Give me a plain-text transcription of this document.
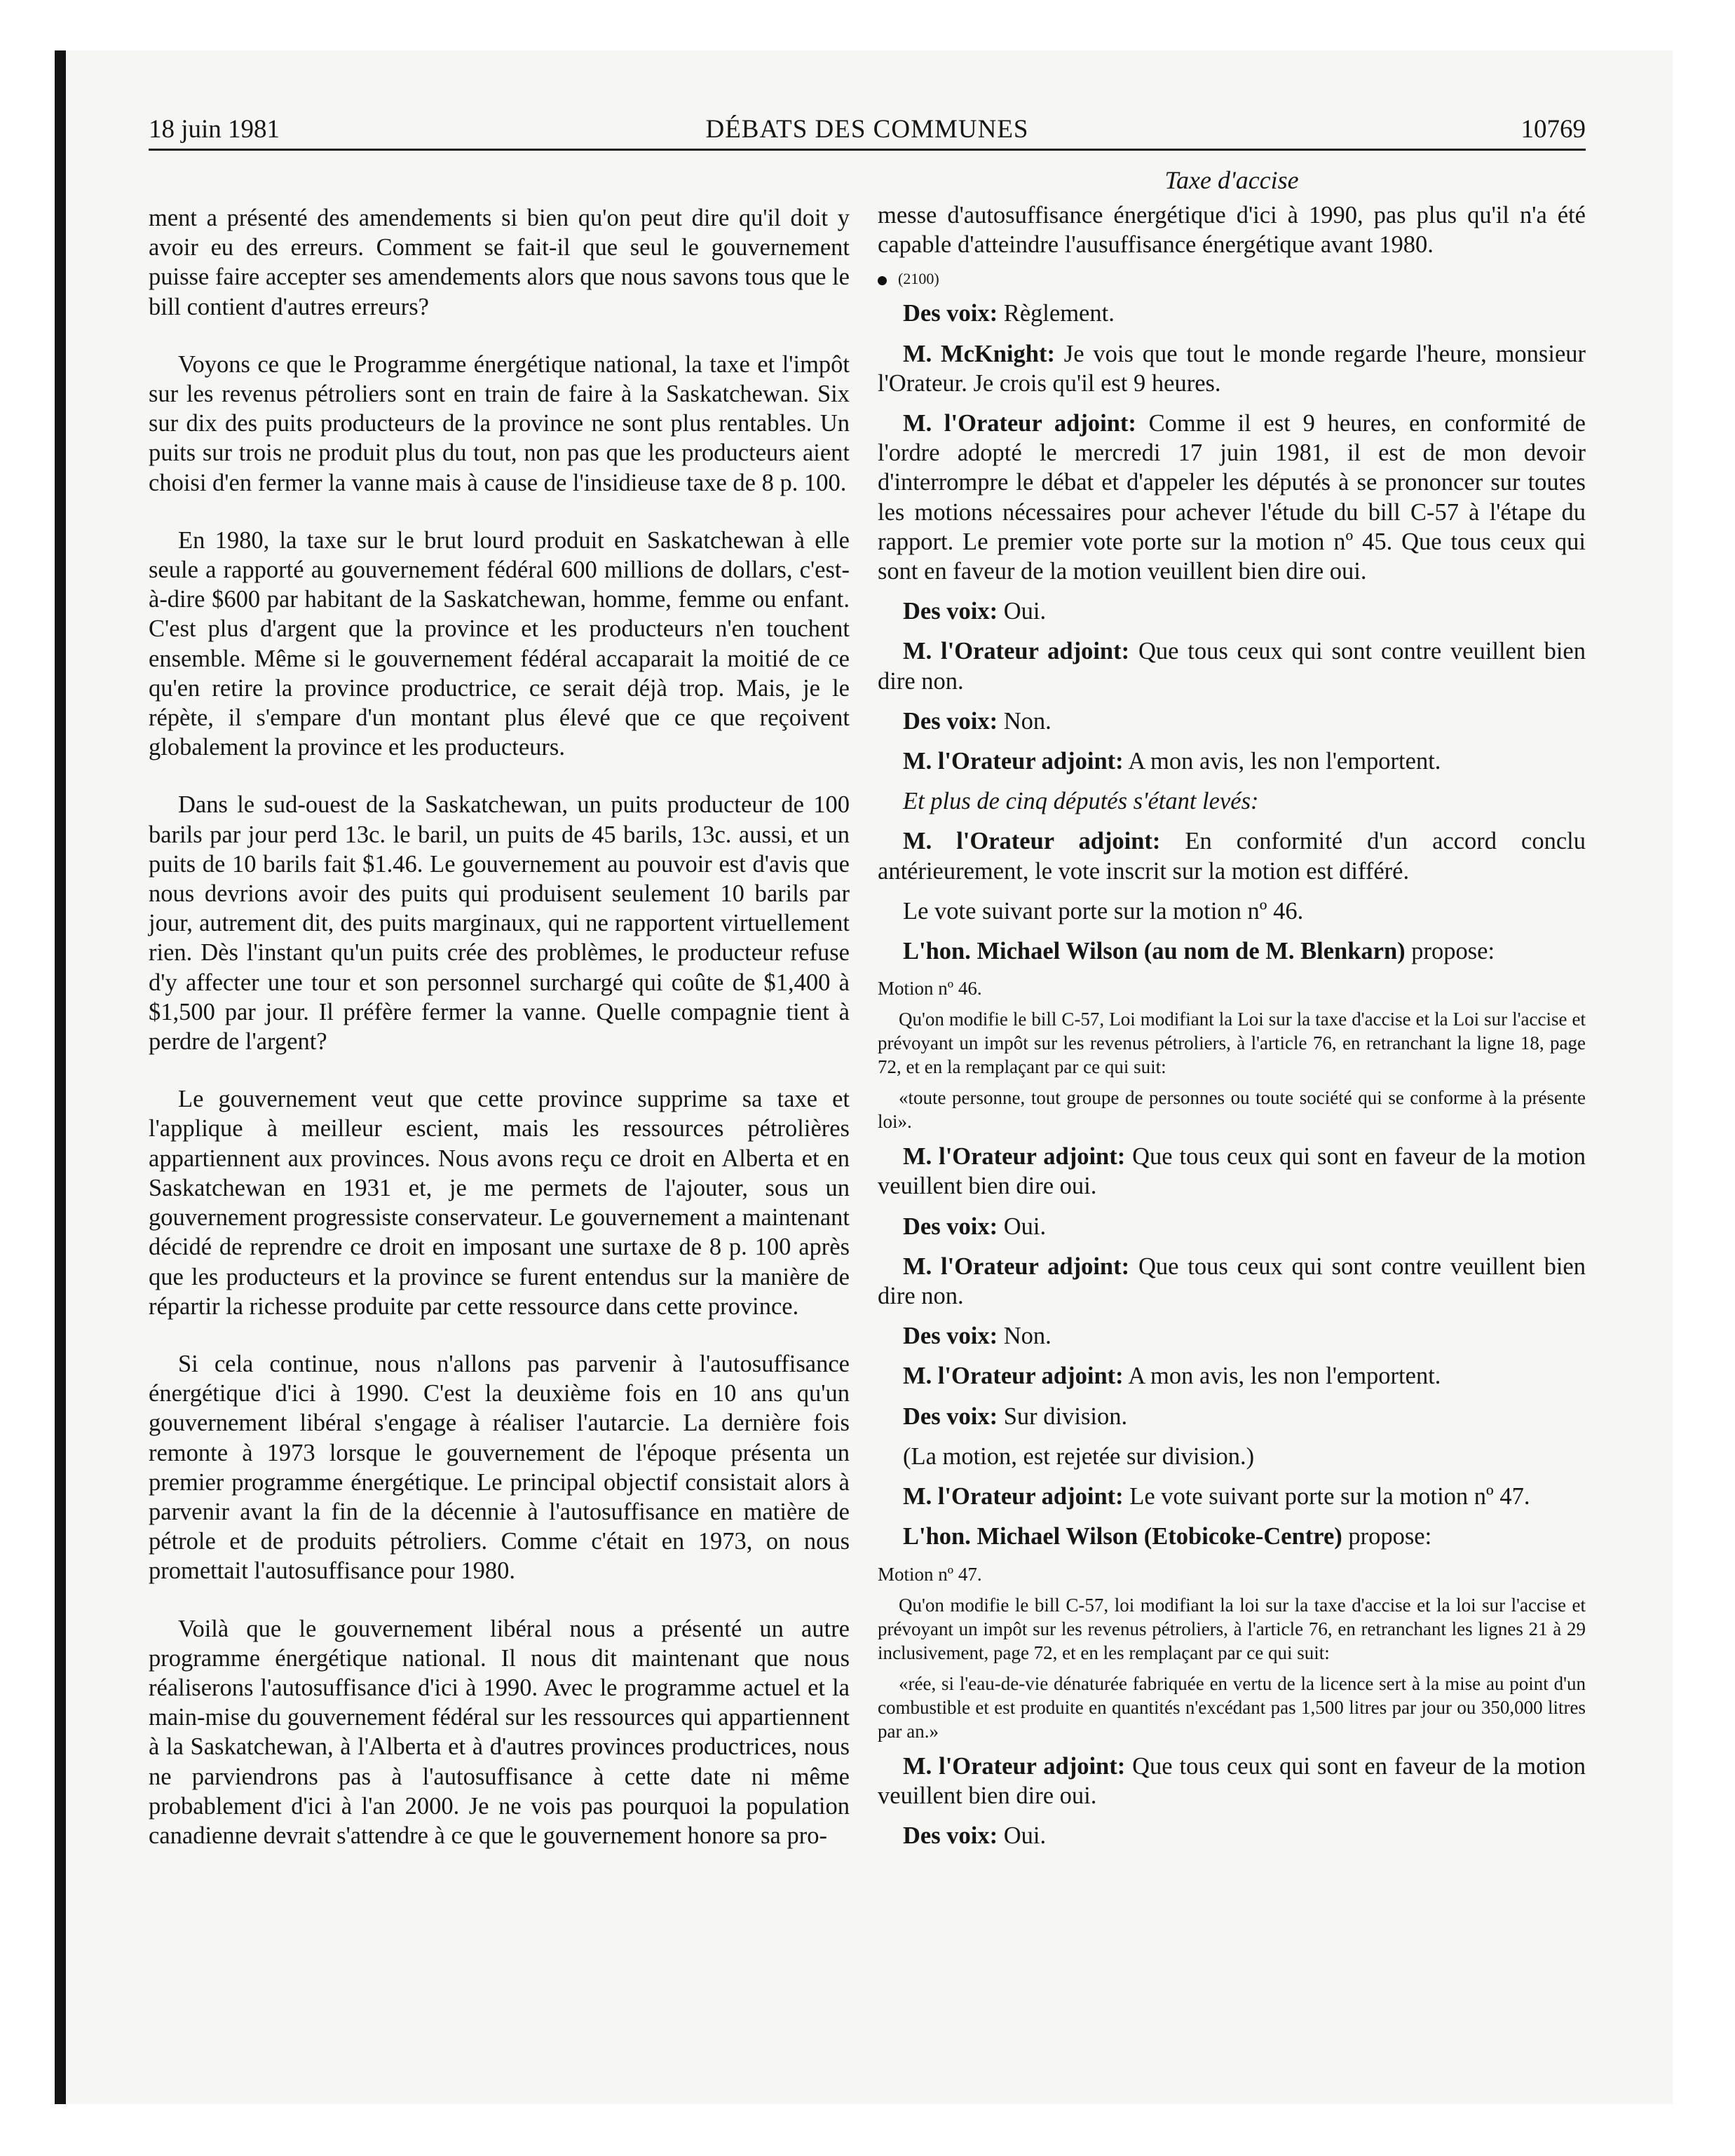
18 juin 1981	DÉBATS DES COMMUNES	10769
Taxe d'accise

ment a présenté des amendements si bien qu'on peut dire qu'il doit y avoir eu des erreurs. Comment se fait-il que seul le gouvernement puisse faire accepter ses amendements alors que nous savons tous que le bill contient d'autres erreurs?

Voyons ce que le Programme énergétique national, la taxe et l'impôt sur les revenus pétroliers sont en train de faire à la Saskatchewan. Six sur dix des puits producteurs de la province ne sont plus rentables. Un puits sur trois ne produit plus du tout, non pas que les producteurs aient choisi d'en fermer la vanne mais à cause de l'insidieuse taxe de 8 p. 100.

En 1980, la taxe sur le brut lourd produit en Saskatchewan à elle seule a rapporté au gouvernement fédéral 600 millions de dollars, c'est-à-dire $600 par habitant de la Saskatchewan, homme, femme ou enfant. C'est plus d'argent que la province et les producteurs n'en touchent ensemble. Même si le gouvernement fédéral accaparait la moitié de ce qu'en retire la province productrice, ce serait déjà trop. Mais, je le répète, il s'empare d'un montant plus élevé que ce que reçoivent globalement la province et les producteurs.

Dans le sud-ouest de la Saskatchewan, un puits producteur de 100 barils par jour perd 13c. le baril, un puits de 45 barils, 13c. aussi, et un puits de 10 barils fait $1.46. Le gouvernement au pouvoir est d'avis que nous devrions avoir des puits qui produisent seulement 10 barils par jour, autrement dit, des puits marginaux, qui ne rapportent virtuellement rien. Dès l'instant qu'un puits crée des problèmes, le producteur refuse d'y affecter une tour et son personnel surchargé qui coûte de $1,400 à $1,500 par jour. Il préfère fermer la vanne. Quelle compagnie tient à perdre de l'argent?

Le gouvernement veut que cette province supprime sa taxe et l'applique à meilleur escient, mais les ressources pétrolières appartiennent aux provinces. Nous avons reçu ce droit en Alberta et en Saskatchewan en 1931 et, je me permets de l'ajouter, sous un gouvernement progressiste conservateur. Le gouvernement a maintenant décidé de reprendre ce droit en imposant une surtaxe de 8 p. 100 après que les producteurs et la province se furent entendus sur la manière de répartir la richesse produite par cette ressource dans cette province.

Si cela continue, nous n'allons pas parvenir à l'autosuffisance énergétique d'ici à 1990. C'est la deuxième fois en 10 ans qu'un gouvernement libéral s'engage à réaliser l'autarcie. La dernière fois remonte à 1973 lorsque le gouvernement de l'époque présenta un premier programme énergétique. Le principal objectif consistait alors à parvenir avant la fin de la décennie à l'autosuffisance en matière de pétrole et de produits pétroliers. Comme c'était en 1973, on nous promettait l'autosuffisance pour 1980.

Voilà que le gouvernement libéral nous a présenté un autre programme énergétique national. Il nous dit maintenant que nous réaliserons l'autosuffisance d'ici à 1990. Avec le programme actuel et la main-mise du gouvernement fédéral sur les ressources qui appartiennent à la Saskatchewan, à l'Alberta et à d'autres provinces productrices, nous ne parviendrons pas à l'autosuffisance à cette date ni même probablement d'ici à l'an 2000. Je ne vois pas pourquoi la population canadienne devrait s'attendre à ce que le gouvernement honore sa pro-

messe d'autosuffisance énergétique d'ici à 1990, pas plus qu'il n'a été capable d'atteindre l'ausuffisance énergétique avant 1980.

(2100)

Des voix: Règlement.

M. McKnight: Je vois que tout le monde regarde l'heure, monsieur l'Orateur. Je crois qu'il est 9 heures.

M. l'Orateur adjoint: Comme il est 9 heures, en conformité de l'ordre adopté le mercredi 17 juin 1981, il est de mon devoir d'interrompre le débat et d'appeler les députés à se prononcer sur toutes les motions nécessaires pour achever l'étude du bill C-57 à l'étape du rapport. Le premier vote porte sur la motion nº 45. Que tous ceux qui sont en faveur de la motion veuillent bien dire oui.

Des voix: Oui.

M. l'Orateur adjoint: Que tous ceux qui sont contre veuillent bien dire non.

Des voix: Non.

M. l'Orateur adjoint: A mon avis, les non l'emportent.

Et plus de cinq députés s'étant levés:

M. l'Orateur adjoint: En conformité d'un accord conclu antérieurement, le vote inscrit sur la motion est différé.

Le vote suivant porte sur la motion nº 46.

L'hon. Michael Wilson (au nom de M. Blenkarn) propose:

Motion nº 46.

Qu'on modifie le bill C-57, Loi modifiant la Loi sur la taxe d'accise et la Loi sur l'accise et prévoyant un impôt sur les revenus pétroliers, à l'article 76, en retranchant la ligne 18, page 72, et en la remplaçant par ce qui suit:

«toute personne, tout groupe de personnes ou toute société qui se conforme à la présente loi».

M. l'Orateur adjoint: Que tous ceux qui sont en faveur de la motion veuillent bien dire oui.

Des voix: Oui.

M. l'Orateur adjoint: Que tous ceux qui sont contre veuillent bien dire non.

Des voix: Non.

M. l'Orateur adjoint: A mon avis, les non l'emportent.

Des voix: Sur division.

(La motion, est rejetée sur division.)

M. l'Orateur adjoint: Le vote suivant porte sur la motion nº 47.

L'hon. Michael Wilson (Etobicoke-Centre) propose:

Motion nº 47.

Qu'on modifie le bill C-57, loi modifiant la loi sur la taxe d'accise et la loi sur l'accise et prévoyant un impôt sur les revenus pétroliers, à l'article 76, en retranchant les lignes 21 à 29 inclusivement, page 72, et en les remplaçant par ce qui suit:

«rée, si l'eau-de-vie dénaturée fabriquée en vertu de la licence sert à la mise au point d'un combustible et est produite en quantités n'excédant pas 1,500 litres par jour ou 350,000 litres par an.»

M. l'Orateur adjoint: Que tous ceux qui sont en faveur de la motion veuillent bien dire oui.

Des voix: Oui.
